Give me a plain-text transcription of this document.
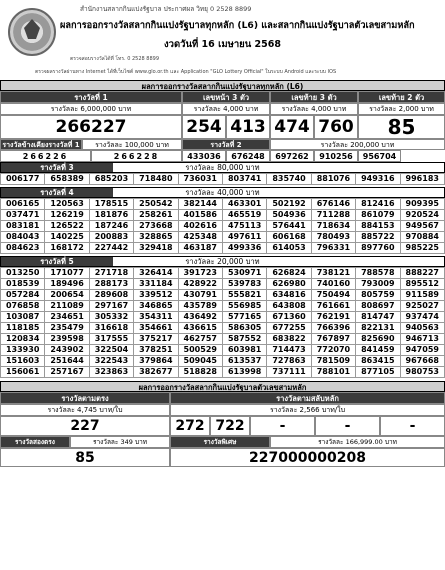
สำนักงานสลากกินแบ่งรัฐบาล ประกาศผล วิทยุ 0 2528 8899
ผลการออกรางวัลสลากกินแบ่งรัฐบาลทุกหลัก (L6) และสลากกินแบ่งรัฐบาลตัวเลขสามหลัก
งวดวันที่ 16 เมษายน 2568
ตรวจสอบรางวัลได้ที่ โทร. 0 2528 8899
ตรวจผลรางวัลผ่านทาง Internet ได้ที่เว็บไซต์ www.glo.or.th และ Application "GLO Lottery Official" ในระบบ Android และระบบ IOS
ผลการออกรางวัลสลากกินแบ่งรัฐบาลทุกหลัก (L6)
รางวัลที่ 1	เลขหน้า 3 ตัว	เลขท้าย 3 ตัว	เลขท้าย 2 ตัว
รางวัลละ 6,000,000 บาท	รางวัลละ 4,000 บาท	รางวัลละ 4,000 บาท	รางวัลละ 2,000 บาท
266227	254 413 474 760	85
รางวัลข้างเคียงรางวัลที่ 1	รางวัลละ 100,000 บาท	รางวัลที่ 2	รางวัลละ 200,000 บาท
266226	266228	433036	676248	697262	910256	956704
รางวัลที่ 3	รางวัลละ 80,000 บาท
006177	658389	685203	718480	736031	803741	835740	881076	949316	996183
รางวัลที่ 4	รางวัลละ 40,000 บาท
006165	120563	178515	250542	382144	463301	502192	676146	812416	909395
037471	126219	181876	258261	401586	465519	504936	711288	861079	920524
083181	126522	187246	273668	402616	475113	576441	718634	884153	949567
084043	140225	200883	328865	425348	497611	606168	780493	885722	970884
084623	168172	227442	329418	463187	499336	614053	796331	897760	985225
รางวัลที่ 5	รางวัลละ 20,000 บาท
013250	171077	271718	326414	391723	530971	626824	738121	788578	888227
018539	189496	288173	331184	428922	539783	626980	740160	793009	895512
057284	200654	289608	339512	430791	555821	634816	750494	805759	911589
076858	211089	297167	346865	435789	556985	643808	761661	808697	925027
103087	234651	305332	354311	436492	577165	671360	762191	814747	937474
118185	235479	316618	354661	436615	586305	677255	766396	822131	940563
120834	239598	317555	375217	462757	587552	683822	767897	825690	946713
133930	243902	322504	378251	500529	603981	714473	772070	841459	947059
151603	251644	322543	379864	509045	613537	727863	781509	863415	967668
156061	257167	323863	382677	518828	613998	737111	788101	877105	980753
ผลการออกรางวัลสลากกินแบ่งรัฐบาลตัวเลขสามหลัก
รางวัลตามตรง	รางวัลตามสลับหลัก
รางวัลละ 4,745 บาท/ใบ	รางวัลละ 2,566 บาท/ใบ
227	272 722	-	-	-
รางวัลสองตรง	รางวัลละ 349 บาท	รางวัลพิเศษ	รางวัลละ 166,999.00 บาท
85	227000000208
